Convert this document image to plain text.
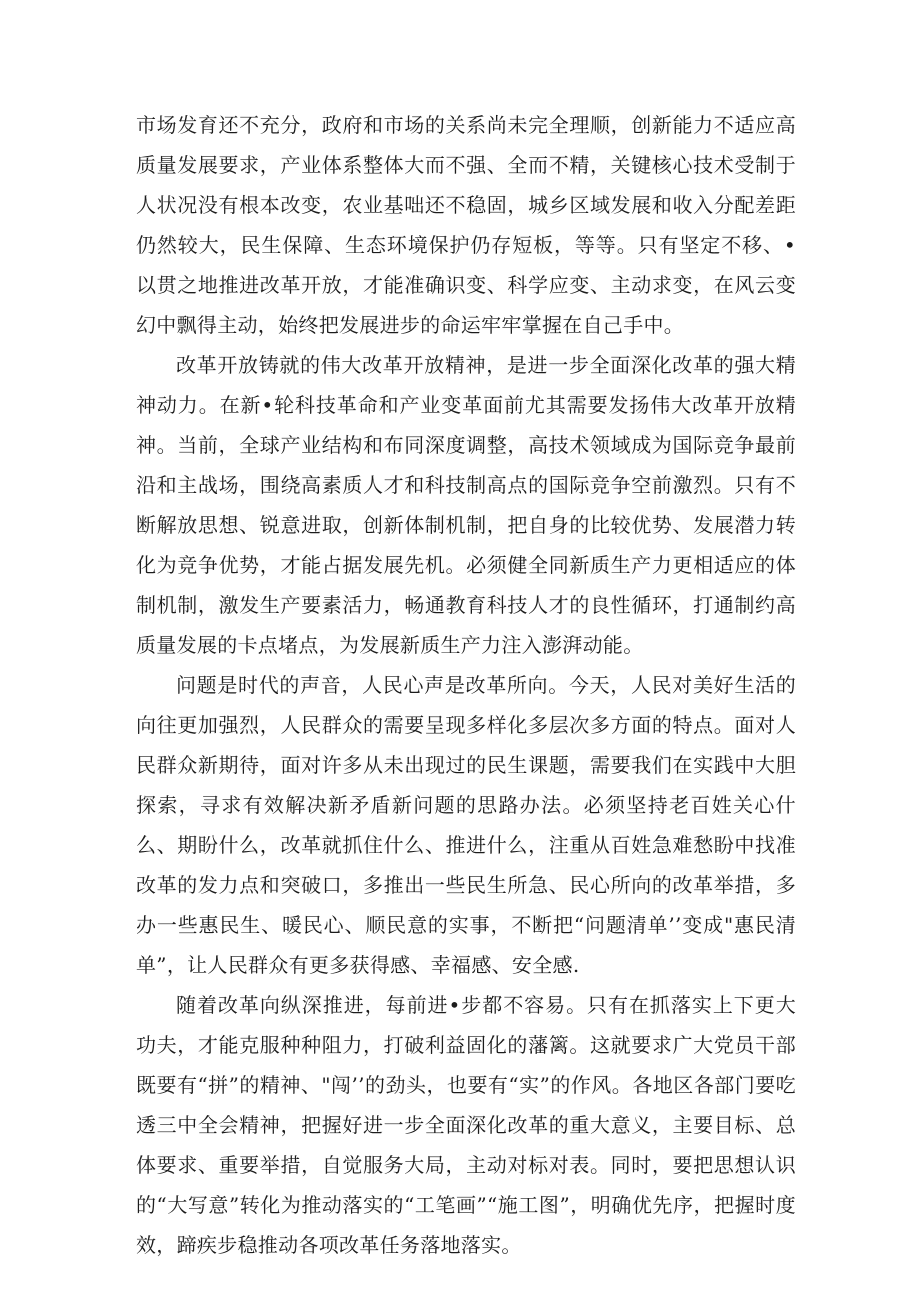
市场发育还不充分，政府和市场的关系尚未完全理顺，创新能力不适应高质量发展要求，产业体系整体大而不强、全而不精，关键核心技术受制于人状况没有根本改变，农业基咄还不稳固，城乡区域发展和收入分配差距仍然较大，民生保障、生态环境保护仍存短板，等等。只有坚定不移、•以贯之地推进改革开放，才能准确识变、科学应变、主动求变，在风云变幻中飘得主动，始终把发展进步的命运牢牢掌握在自己手中。

改革开放铸就的伟大改革开放精神，是进一步全面深化改革的强大精神动力。在新•轮科技革命和产业变革面前尤其需要发扬伟大改革开放精神。当前，全球产业结构和布同深度调整，高技术领域成为国际竞争最前沿和主战场，围绕高素质人才和科技制高点的国际竞争空前激烈。只有不断解放思想、锐意进取，创新体制机制，把自身的比较优势、发展潜力转化为竞争优势，才能占据发展先机。必须健全同新质生产力更相适应的体制机制，激发生产要素活力，畅通教育科技人才的良性循环，打通制约高质量发展的卡点堵点，为发展新质生产力注入澎湃动能。

问题是时代的声音，人民心声是改革所向。今天，人民对美好生活的向往更加强烈，人民群众的需要呈现多样化多层次多方面的特点。面对人民群众新期待，面对许多从未出现过的民生课题，需要我们在实践中大胆探索，寻求有效解决新矛盾新问题的思路办法。必须坚持老百姓关心什么、期盼什么，改革就抓住什么、推进什么，注重从百姓急难愁盼中找准改革的发力点和突破口，多推出一些民生所急、民心所向的改革举措，多办一些惠民生、暖民心、顺民意的实事，不断把“问题清单’’变成"惠民清单”，让人民群众有更多获得感、幸福感、安全感.

随着改革向纵深推进，每前进•步都不容易。只有在抓落实上下更大功夫，才能克服种种阻力，打破利益固化的藩篱。这就要求广大党员干部既要有“拼”的精神、"闯’’的劲头，也要有“实”的作风。各地区各部门要吃透三中全会精神，把握好进一步全面深化改革的重大意义，主要目标、总体要求、重要举措，自觉服务大局，主动对标对表。同时，要把思想认识的“大写意”转化为推动落实的“工笔画”“施工图”，明确优先序，把握时度效，蹄疾步稳推动各项改革任务落地落实。
